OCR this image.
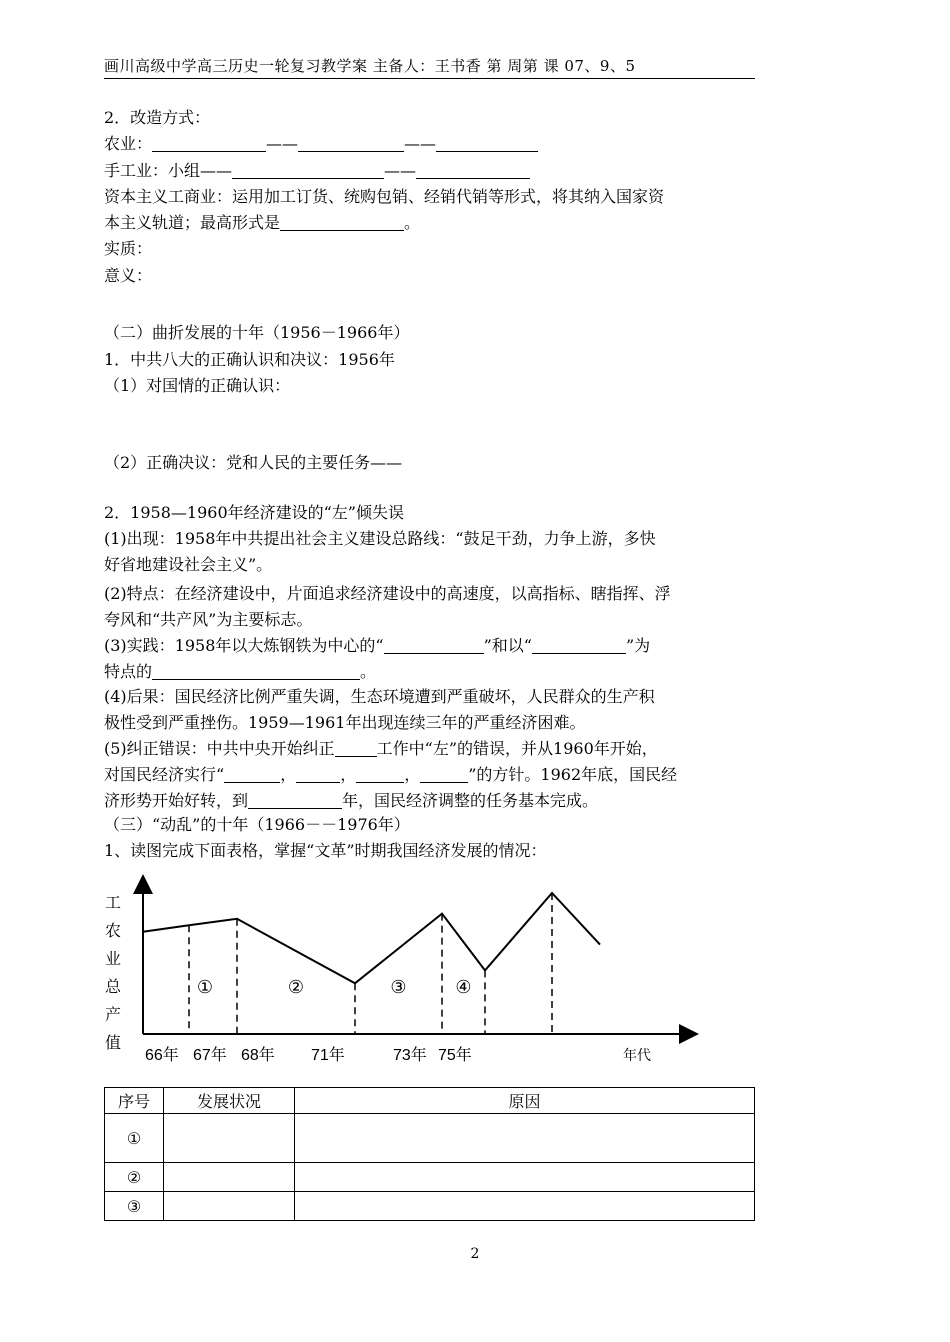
画川高级中学高三历史一轮复习教学案 主备人：王书香 第 周第 课 07、9、5
2．改造方式：
农业：	——	——
手工业：小组——	——
资本主义工商业：运用加工订货、统购包销、经销代销等形式，将其纳入国家资
本主义轨道；最高形式是	。
实质：
意义：
（二）曲折发展的十年（1956－1966年）
1．中共八大的正确认识和决议：1956年
（1）对国情的正确认识：
（2）正确决议：党和人民的主要任务——
2．1958—1960年经济建设的“左”倾失误
(1)出现：1958年中共提出社会主义建设总路线：“鼓足干劲，力争上游，多快
好省地建设社会主义”。
(2)特点：在经济建设中，片面追求经济建设中的高速度，以高指标、瞎指挥、浮
夸风和“共产风”为主要标志。
(3)实践：1958年以大炼钢铁为中心的“	”和以“	”为
特点的	。
(4)后果：国民经济比例严重失调，生态环境遭到严重破坏，人民群众的生产积
极性受到严重挫伤。1959—1961年出现连续三年的严重经济困难。
(5)纠正错误：中共中央开始纠正	工作中“左”的错误，并从1960年开始，
对国民经济实行“	，	，	，	”的方针。1962年底，国民经
济形势开始好转，到	年，国民经济调整的任务基本完成。
（三）“动乱”的十年（1966－－1976年）
1、读图完成下面表格，掌握“文革”时期我国经济发展的情况：
工
农
业
总
产
值
①	②	③	④
66年 67年 68年 71年	73年 75年	年代
序号	发展状况	原因
①		
②		
③		
2
